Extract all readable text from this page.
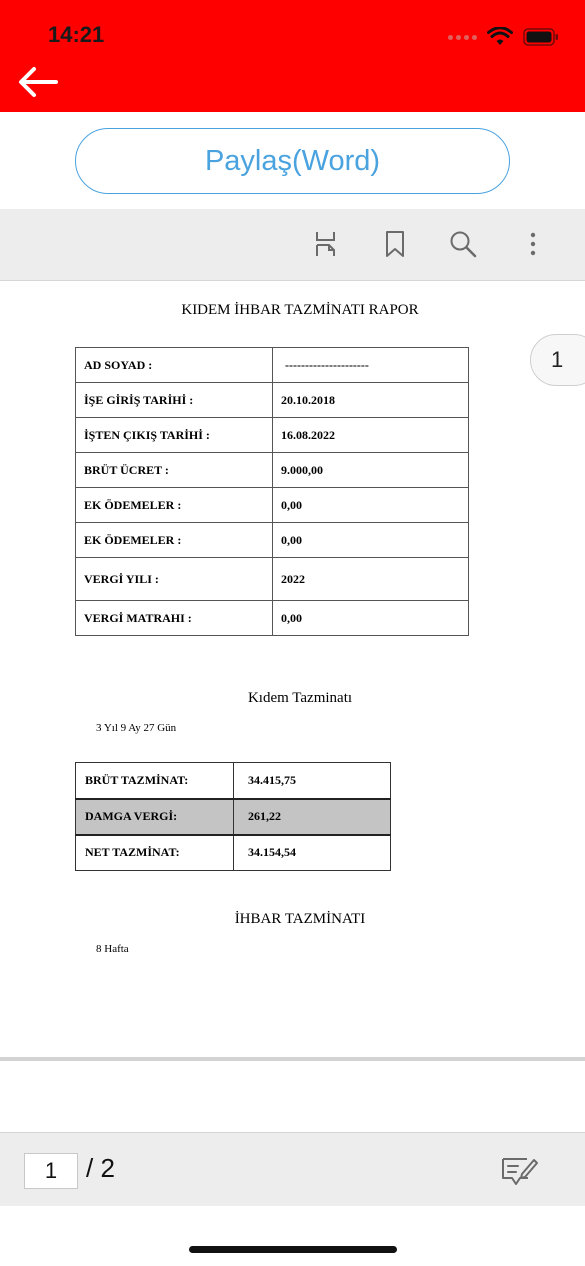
14:21
Paylaş(Word)
KIDEM İHBAR TAZMİNATI RAPOR
1
AD SOYAD :	---------------------
İŞE GİRİŞ TARİHİ :	20.10.2018
İŞTEN ÇIKIŞ TARİHİ :	16.08.2022
BRÜT ÜCRET :	9.000,00
EK ÖDEMELER :	0,00
EK ÖDEMELER :	0,00
VERGİ YILI :	2022
VERGİ MATRAHI :	0,00
Kıdem Tazminatı
3 Yıl 9 Ay 27 Gün
BRÜT TAZMİNAT:	34.415,75
DAMGA VERGİ:	261,22
NET TAZMİNAT:	34.154,54
İHBAR TAZMİNATI
8 Hafta
1	/ 2
